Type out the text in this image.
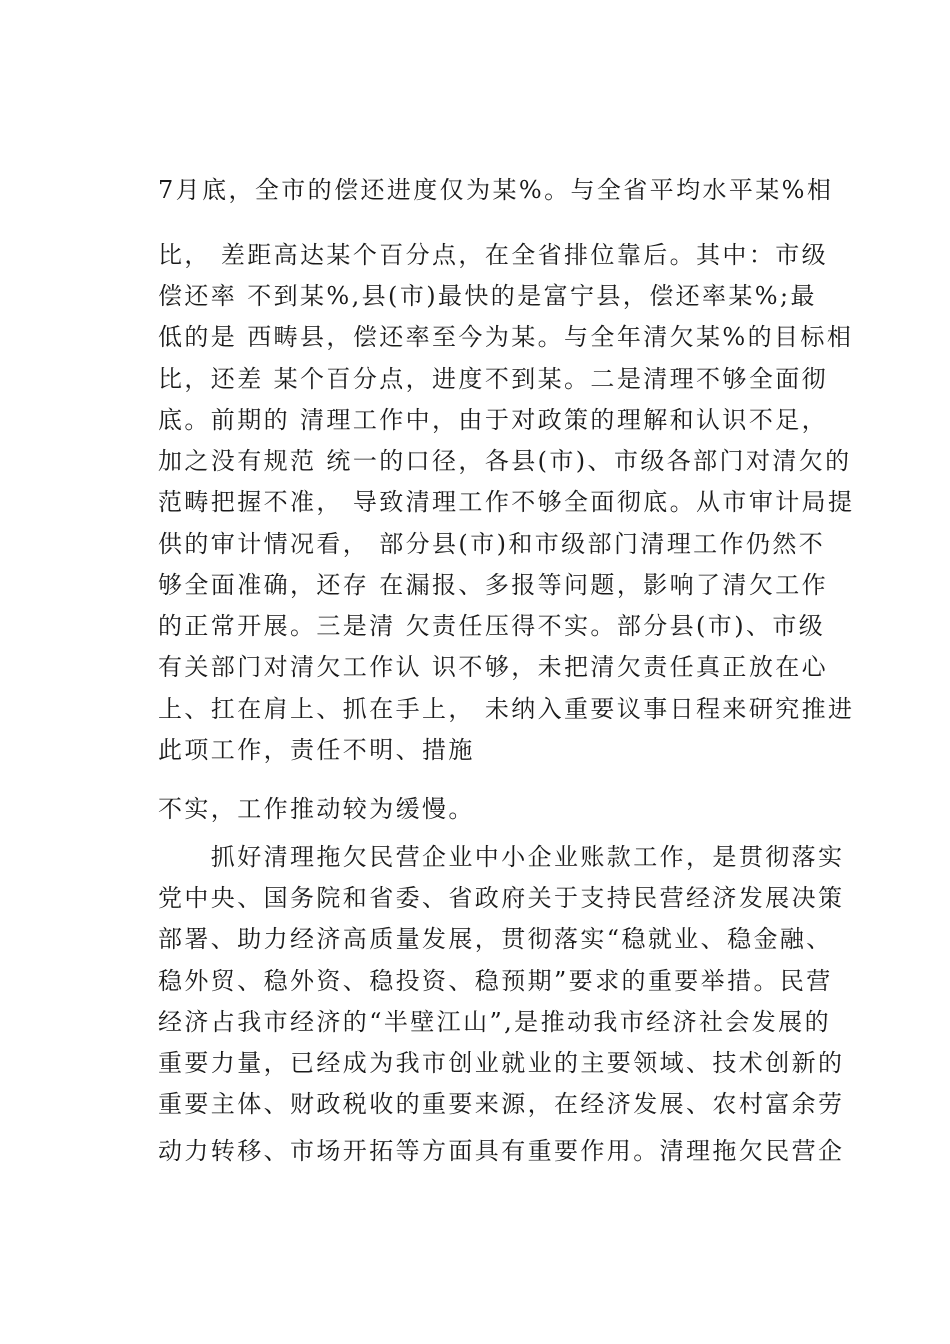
7月底，全市的偿还进度仅为某%。与全省平均水平某%相
比， 差距高达某个百分点，在全省排位靠后。其中：市级
偿还率 不到某%,县(市)最快的是富宁县，偿还率某%;最
低的是 西畴县，偿还率至今为某。与全年清欠某%的目标相
比，还差 某个百分点，进度不到某。二是清理不够全面彻
底。前期的 清理工作中，由于对政策的理解和认识不足，
加之没有规范 统一的口径，各县(市)、市级各部门对清欠的
范畴把握不准， 导致清理工作不够全面彻底。从市审计局提
供的审计情况看， 部分县(市)和市级部门清理工作仍然不
够全面准确，还存 在漏报、多报等问题，影响了清欠工作
的正常开展。三是清 欠责任压得不实。部分县(市)、市级
有关部门对清欠工作认 识不够，未把清欠责任真正放在心
上、扛在肩上、抓在手上， 未纳入重要议事日程来研究推进
此项工作，责任不明、措施
不实，工作推动较为缓慢。
　　抓好清理拖欠民营企业中小企业账款工作，是贯彻落实
党中央、国务院和省委、省政府关于支持民营经济发展决策
部署、助力经济高质量发展，贯彻落实“稳就业、稳金融、
稳外贸、稳外资、稳投资、稳预期”要求的重要举措。民营
经济占我市经济的“半壁江山”,是推动我市经济社会发展的
重要力量，已经成为我市创业就业的主要领域、技术创新的
重要主体、财政税收的重要来源，在经济发展、农村富余劳
动力转移、市场开拓等方面具有重要作用。清理拖欠民营企
